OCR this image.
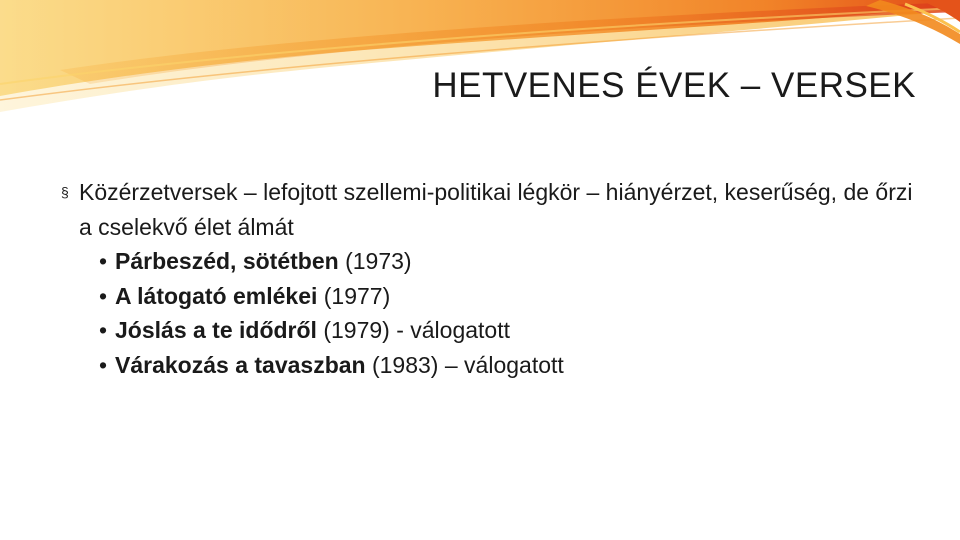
HETVENES ÉVEK – VERSEK
§ Közérzetversek – lefojtott szellemi-politikai légkör – hiányérzet, keserűség, de őrzi a cselekvő élet álmát
• Párbeszéd, sötétben (1973)
• A látogató emlékei (1977)
• Jóslás a te idődről (1979) - válogatott
• Várakozás a tavaszban (1983) – válogatott
